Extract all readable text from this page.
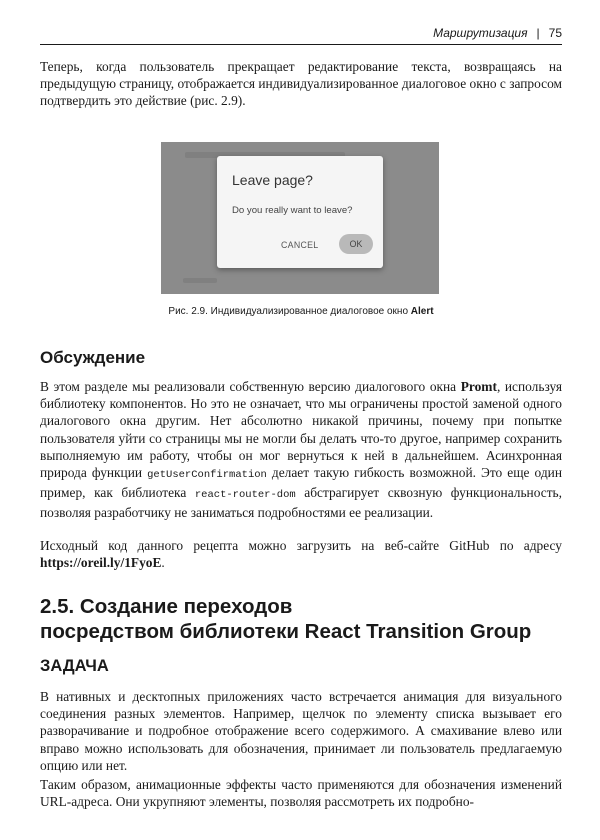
Маршрутизация | 75

Теперь, когда пользователь прекращает редактирование текста, возвращаясь на предыдущую страницу, отображается индивидуализированное диалоговое окно с запросом подтвердить это действие (рис. 2.9).

Leave page?
Do you really want to leave?
CANCEL	OK
Рис. 2.9. Индивидуализированное диалоговое окно Alert
Обсуждение

В этом разделе мы реализовали собственную версию диалогового окна Promt, используя библиотеку компонентов. Но это не означает, что мы ограничены простой заменой одного диалогового окна другим. Нет абсолютно никакой причины, почему при попытке пользователя уйти со страницы мы не могли бы делать что-то другое, например сохранить выполняемую им работу, чтобы он мог вернуться к ней в дальнейшем. Асинхронная природа функции getUserConfirmation делает такую гибкость возможной. Это еще один пример, как библиотека react-router-dom абстрагирует сквозную функциональность, позволяя разработчику не заниматься подробностями ее реализации.

Исходный код данного рецепта можно загрузить на веб-сайте GitHub по адресу https://oreil.ly/1FyoE.

2.5. Создание переходов
посредством библиотеки React Transition Group
ЗАДАЧА

В нативных и десктопных приложениях часто встречается анимация для визуального соединения разных элементов. Например, щелчок по элементу списка вызывает его разворачивание и подробное отображение всего содержимого. А смахивание влево или вправо можно использовать для обозначения, принимает ли пользователь предлагаемую опцию или нет.

Таким образом, анимационные эффекты часто применяются для обозначения изменений URL-адреса. Они укрупняют элементы, позволяя рассмотреть их подробно-
